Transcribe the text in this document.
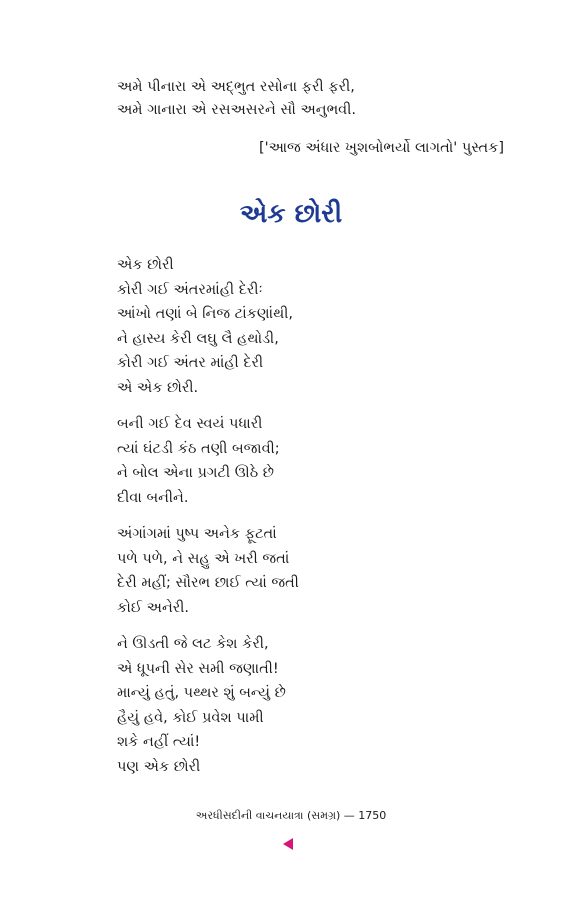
અમે પીનારા એ અદ્‌ભુત રસોના ફરી ફરી,
અમે ગાનારા એ રસઅસરને સૌ અનુભવી.
['આજ અંધાર ખુશબોભર્યો લાગતો' પુસ્તક]
એક છોરી
એક છોરી
કોરી ગઈ અંતરમાંહી દેરીઃ
આંખો તણાં બે નિજ ટાંકણાંથી,
ને હાસ્ય કેરી લઘુ લૈ હથોડી,
કોરી ગઈ અંતર માંહી દેરી
એ એક છોરી.
બની ગઈ દેવ સ્વયં પધારી
ત્યાં ઘંટડી કંઠ તણી બજાવી;
ને બોલ એના પ્રગટી ઊઠે છે
દીવા બનીને.
અંગાંગમાં પુષ્પ અનેક ફૂટતાં
પળે પળે, ને સહુ એ ખરી જતાં
દેરી મહીં; સૌરભ છાઈ ત્યાં જતી
કોઈ અનેરી.
ને ઊડતી જે લટ કેશ કેરી,
એ ધૂપની સેર સમી જણાતી!
માન્યું હતું, પથ્થર શું બન્યું છે
હૈયું હવે, કોઈ પ્રવેશ પામી
શકે નહીં ત્યાં!
પણ એક છોરી
અરધીસદીની વાચનયાત્રા (સમગ્ર) — 1750
